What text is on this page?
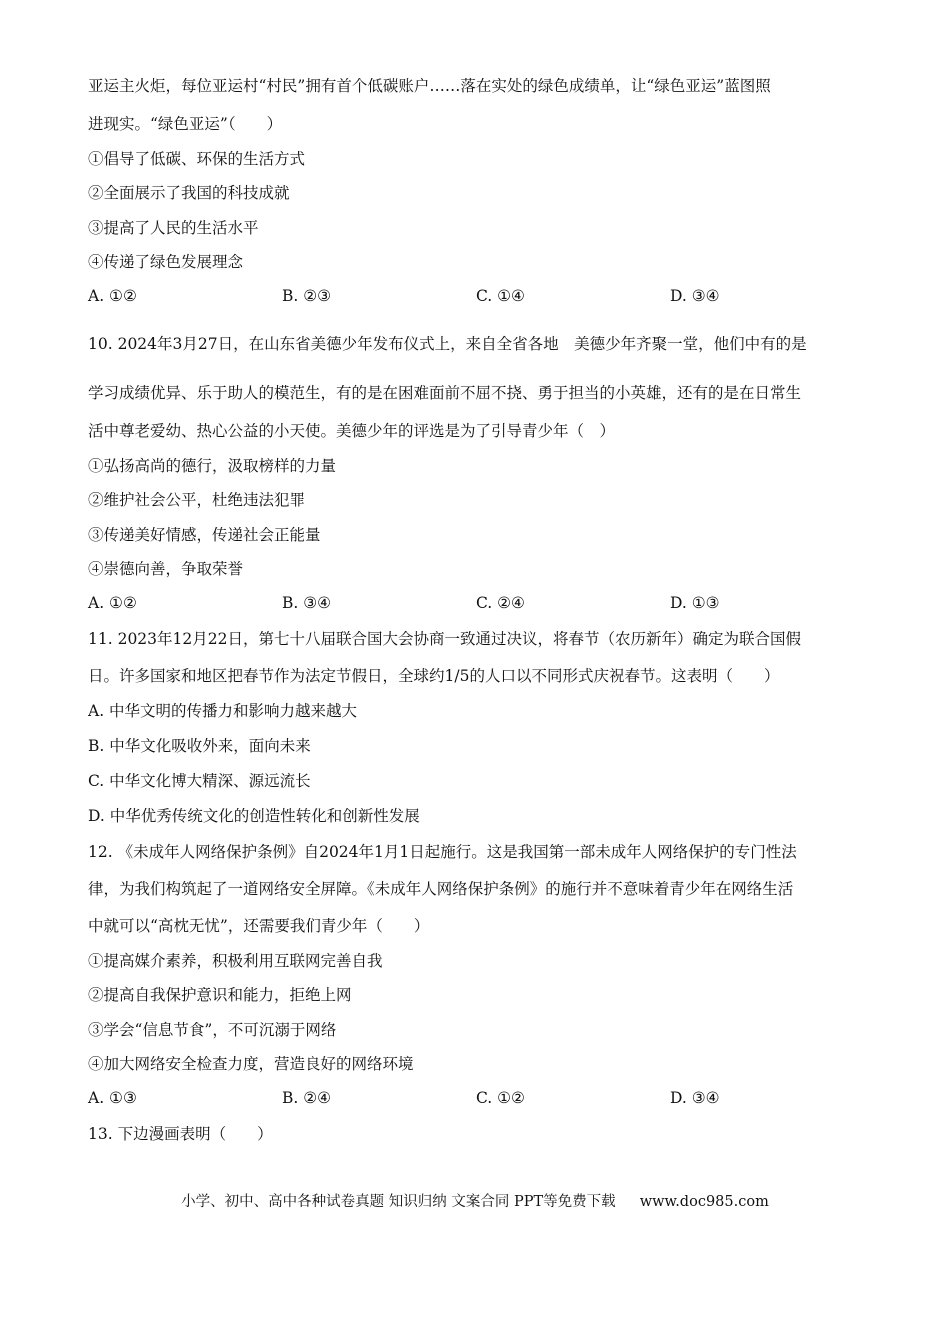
亚运主火炬，每位亚运村“村民”拥有首个低碳账户……落在实处的绿色成绩单，让“绿色亚运”蓝图照
进现实。“绿色亚运”（　　）
①倡导了低碳、环保的生活方式
②全面展示了我国的科技成就
③提高了人民的生活水平
④传递了绿色发展理念
A. ①②	B. ②③	C. ①④	D. ③④
10. 2024年3月27日，在山东省美德少年发布仪式上，来自全省各地　美德少年齐聚一堂，他们中有的是
学习成绩优异、乐于助人的模范生，有的是在困难面前不屈不挠、勇于担当的小英雄，还有的是在日常生
活中尊老爱幼、热心公益的小天使。美德少年的评选是为了引导青少年（　）
①弘扬高尚的德行，汲取榜样的力量
②维护社会公平，杜绝违法犯罪
③传递美好情感，传递社会正能量
④崇德向善，争取荣誉
A. ①②	B. ③④	C. ②④	D. ①③
11. 2023年12月22日，第七十八届联合国大会协商一致通过决议，将春节（农历新年）确定为联合国假
日。许多国家和地区把春节作为法定节假日，全球约1/5的人口以不同形式庆祝春节。这表明（　　）
A. 中华文明的传播力和影响力越来越大
B. 中华文化吸收外来，面向未来
C. 中华文化博大精深、源远流长
D. 中华优秀传统文化的创造性转化和创新性发展
12. 《未成年人网络保护条例》自2024年1月1日起施行。这是我国第一部未成年人网络保护的专门性法
律，为我们构筑起了一道网络安全屏障。《未成年人网络保护条例》的施行并不意味着青少年在网络生活
中就可以“高枕无忧”，还需要我们青少年（　　）
①提高媒介素养，积极利用互联网完善自我
②提高自我保护意识和能力，拒绝上网
③学会“信息节食”，不可沉溺于网络
④加大网络安全检查力度，营造良好的网络环境
A. ①③	B. ②④	C. ①②	D. ③④
13. 下边漫画表明（　　）
小学、初中、高中各种试卷真题 知识归纳 文案合同 PPT等免费下载 www.doc985.com
